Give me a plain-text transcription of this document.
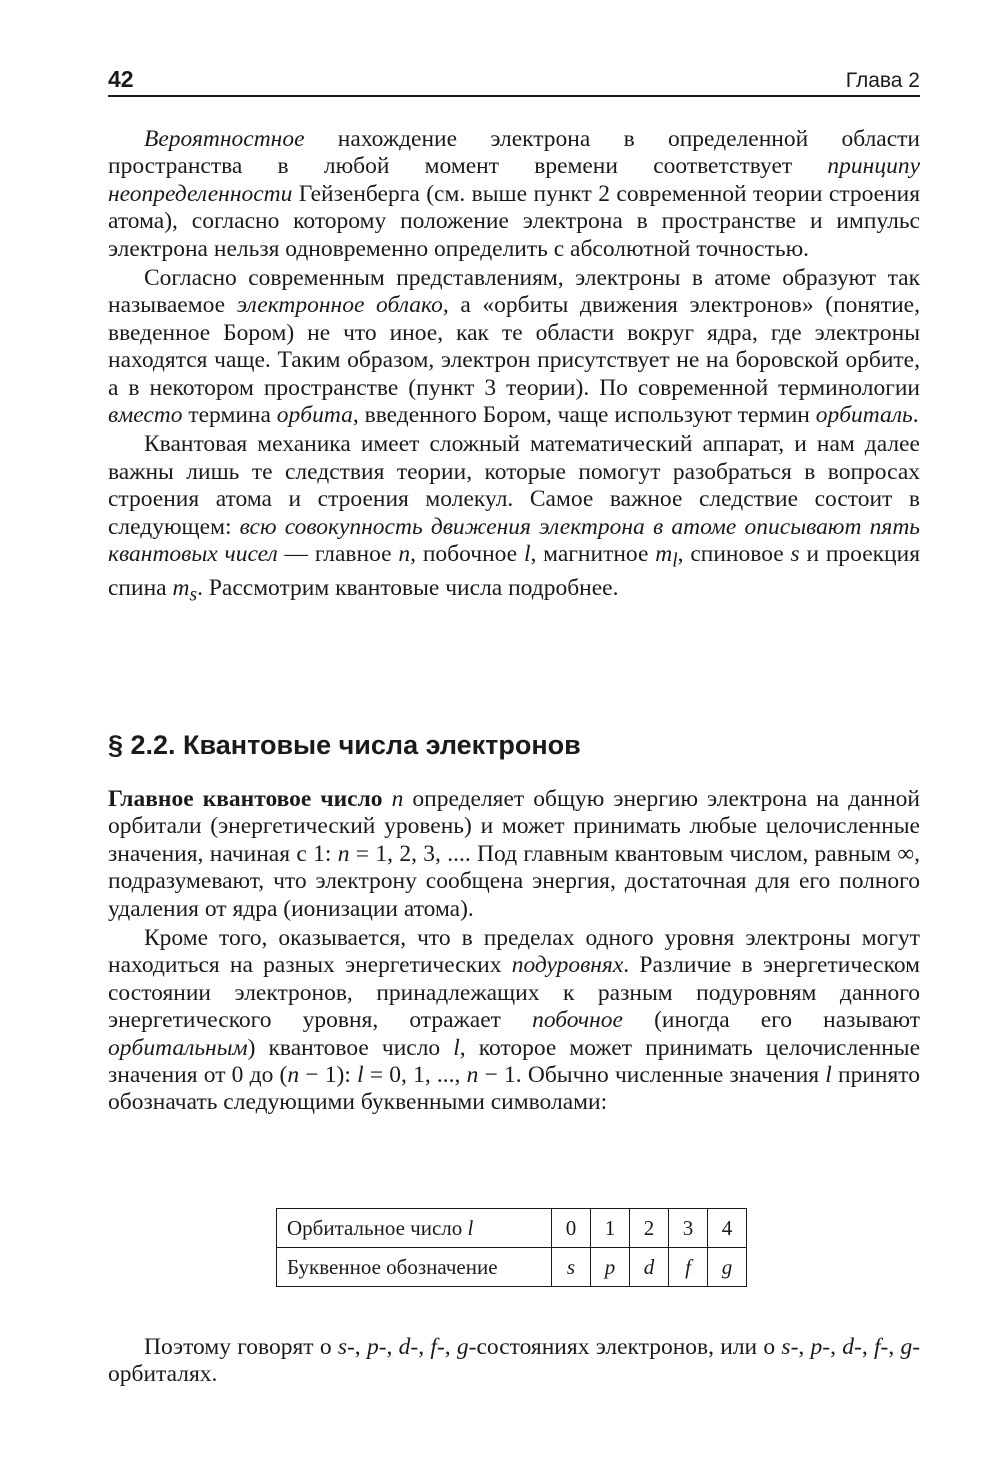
42	Глава 2

Вероятностное нахождение электрона в определенной области пространства в любой момент времени соответствует принципу неопределенности Гейзенберга (см. выше пункт 2 современной теории строения атома), согласно которому положение электрона в пространстве и импульс электрона нельзя одновременно определить с абсолютной точностью.

Согласно современным представлениям, электроны в атоме образуют так называемое электронное облако, а «орбиты движения электронов» (понятие, введенное Бором) не что иное, как те области вокруг ядра, где электроны находятся чаще. Таким образом, электрон присутствует не на боровской орбите, а в некотором пространстве (пункт 3 теории). По современной терминологии вместо термина орбита, введенного Бором, чаще используют термин орбиталь.

Квантовая механика имеет сложный математический аппарат, и нам далее важны лишь те следствия теории, которые помогут разобраться в вопросах строения атома и строения молекул. Самое важное следствие состоит в следующем: всю совокупность движения электрона в атоме описывают пять квантовых чисел — главное n, побочное l, магнитное $m_l$, спиновое s и проекция спина $m_s$. Рассмотрим квантовые числа подробнее.

§ 2.2. Квантовые числа электронов

Главное квантовое число n определяет общую энергию электрона на данной орбитали (энергетический уровень) и может принимать любые целочисленные значения, начиная с 1: n = 1, 2, 3, .... Под главным квантовым числом, равным ∞, подразумевают, что электрону сообщена энергия, достаточная для его полного удаления от ядра (ионизации атома).

Кроме того, оказывается, что в пределах одного уровня электроны могут находиться на разных энергетических подуровнях. Различие в энергетическом состоянии электронов, принадлежащих к разным подуровням данного энергетического уровня, отражает побочное (иногда его называют орбитальным) квантовое число l, которое может принимать целочисленные значения от 0 до (n − 1): l = 0, 1, ..., n − 1. Обычно численные значения l принято обозначать следующими буквенными символами:

Орбитальное число l	0	1	2	3	4
Буквенное обозначение	s	p	d	f	g

Поэтому говорят о s-, p-, d-, f-, g-состояниях электронов, или о s-, p-, d-, f-, g-орбиталях.
